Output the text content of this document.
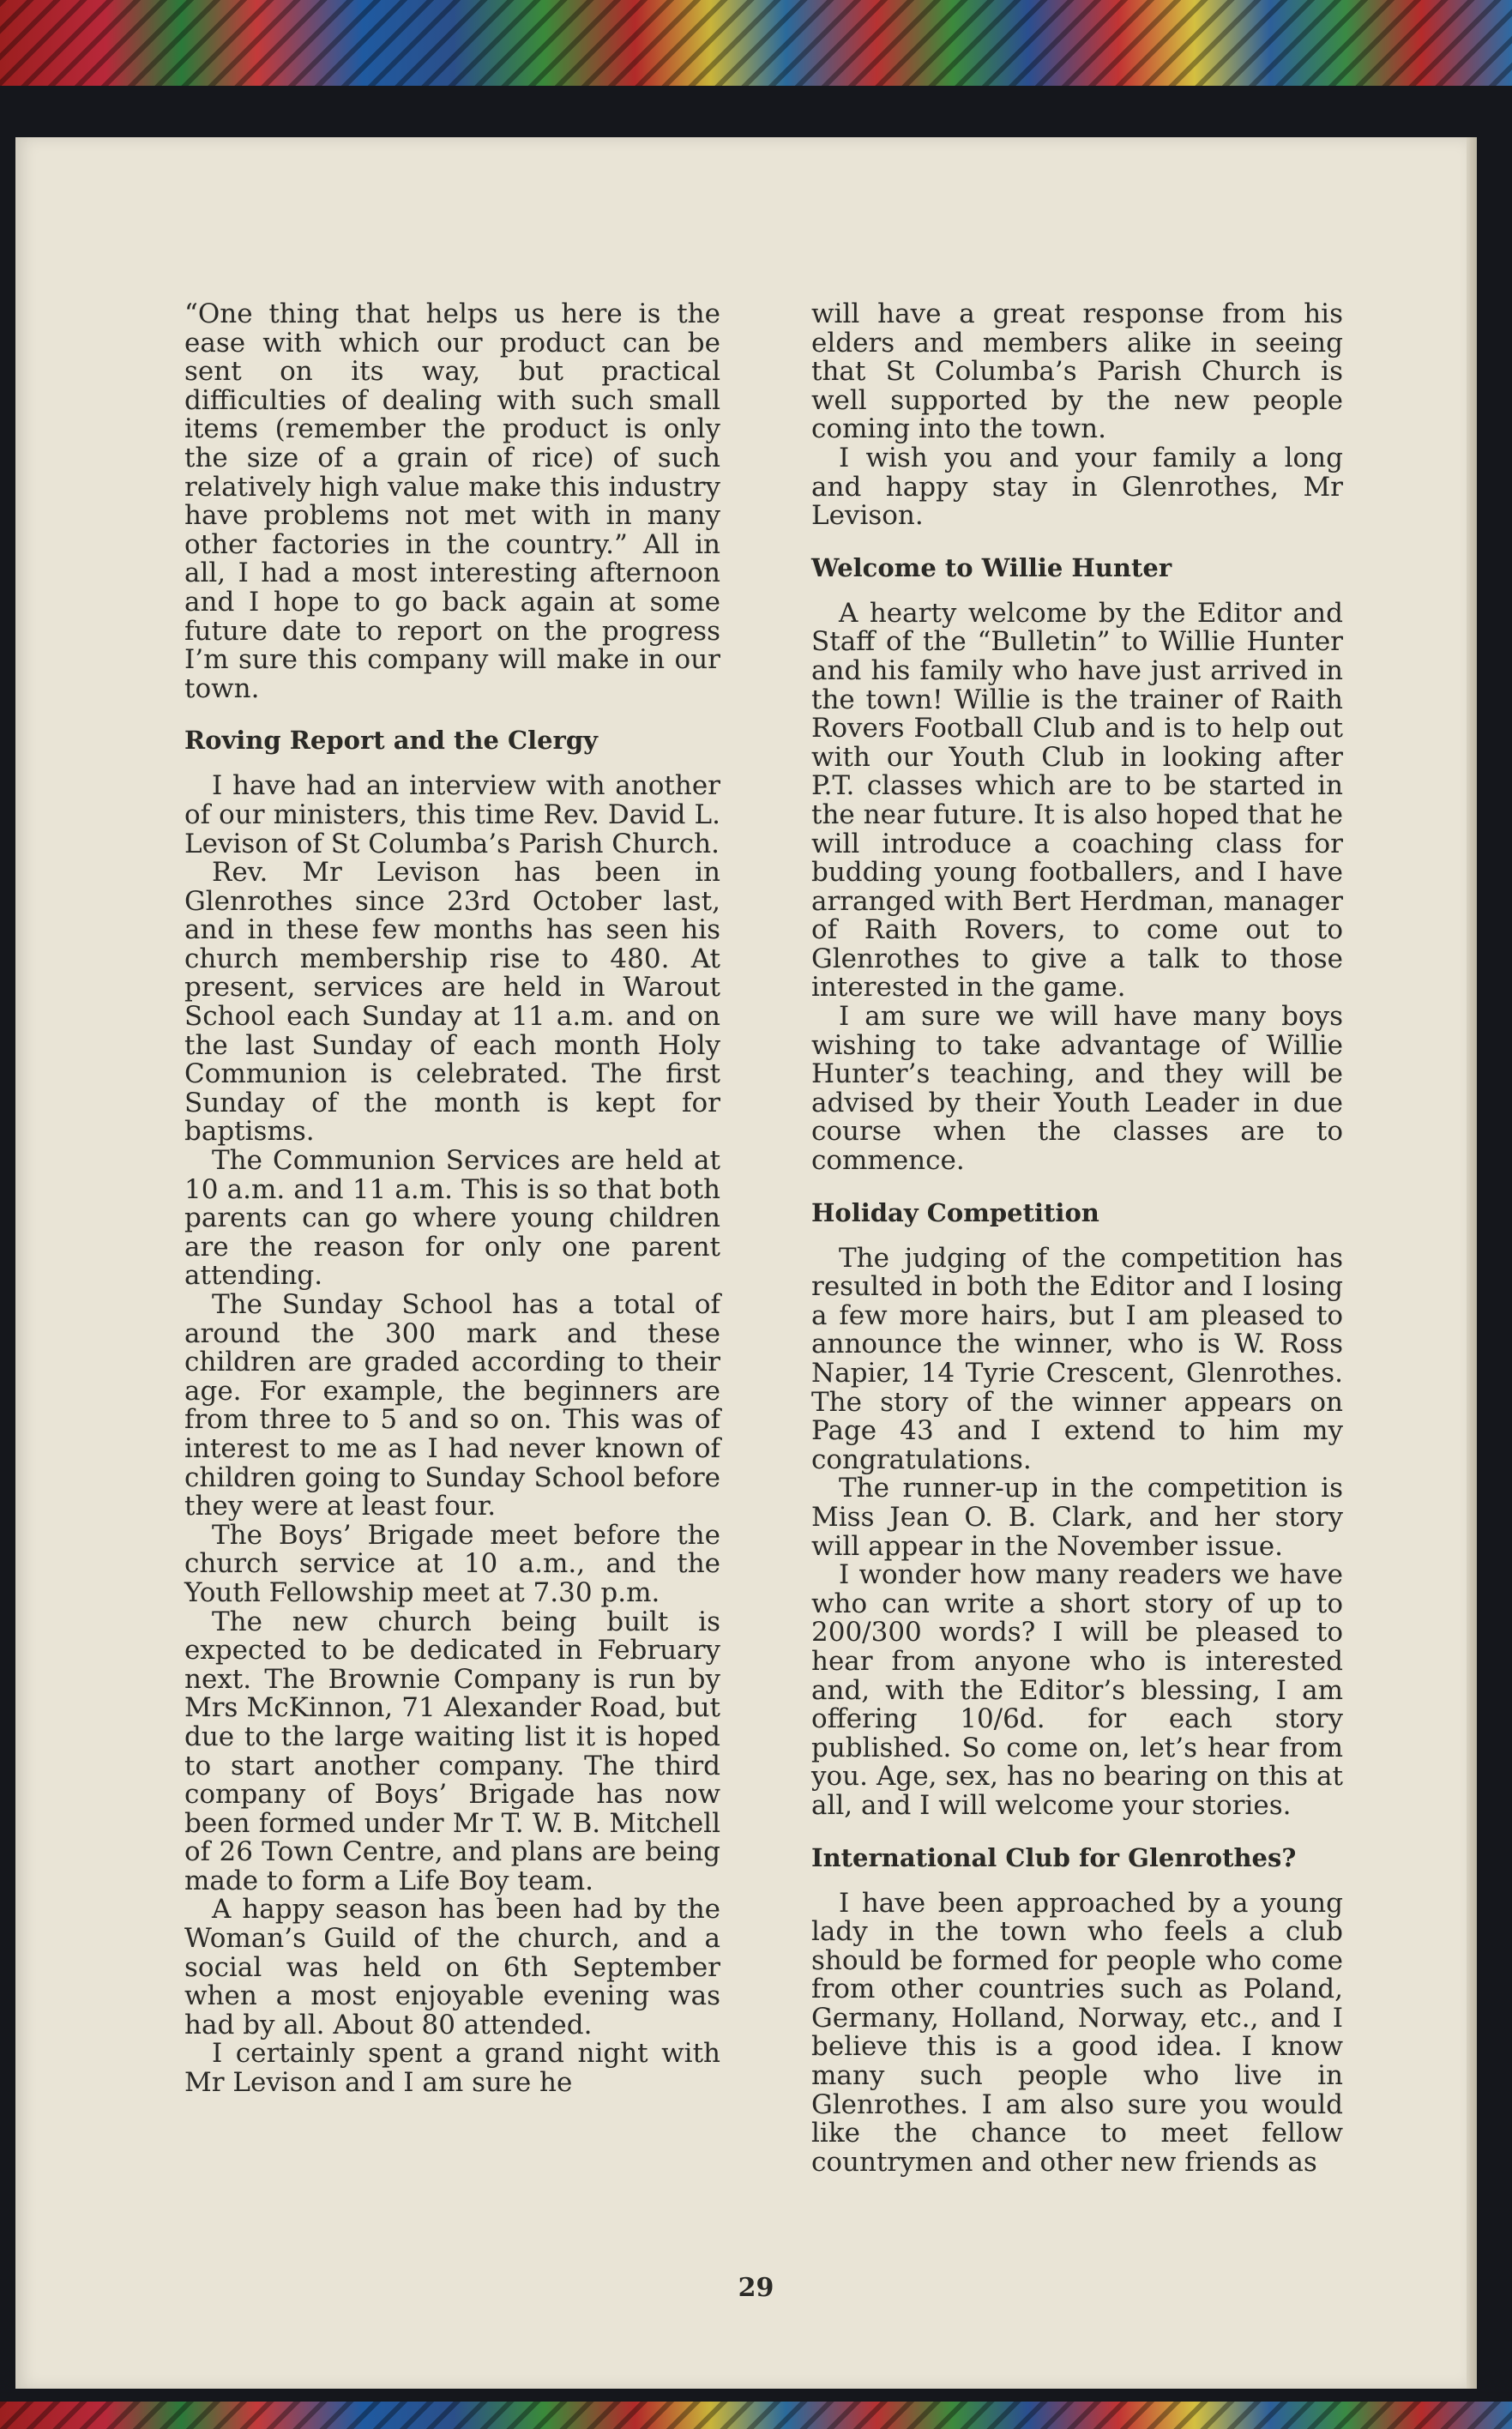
“One thing that helps us here is the ease with which our product can be sent on its way, but practical difficulties of dealing with such small items (remember the product is only the size of a grain of rice) of such relatively high value make this industry have problems not met with in many other factories in the country.” All in all, I had a most interesting afternoon and I hope to go back again at some future date to report on the progress I’m sure this company will make in our town.

Roving Report and the Clergy

I have had an interview with another of our ministers, this time Rev. David L. Levison of St Columba’s Parish Church.

Rev. Mr Levison has been in Glenrothes since 23rd October last, and in these few months has seen his church membership rise to 480. At present, services are held in Warout School each Sunday at 11 a.m. and on the last Sunday of each month Holy Communion is celebrated. The first Sunday of the month is kept for baptisms.

The Communion Services are held at 10 a.m. and 11 a.m. This is so that both parents can go where young children are the reason for only one parent attending.

The Sunday School has a total of around the 300 mark and these children are graded according to their age. For example, the beginners are from three to 5 and so on. This was of interest to me as I had never known of children going to Sunday School before they were at least four.

The Boys’ Brigade meet before the church service at 10 a.m., and the Youth Fellowship meet at 7.30 p.m.

The new church being built is expected to be dedicated in February next. The Brownie Company is run by Mrs McKinnon, 71 Alexander Road, but due to the large waiting list it is hoped to start another company. The third company of Boys’ Brigade has now been formed under Mr T. W. B. Mitchell of 26 Town Centre, and plans are being made to form a Life Boy team.

A happy season has been had by the Woman’s Guild of the church, and a social was held on 6th September when a most enjoyable evening was had by all. About 80 attended.

I certainly spent a grand night with Mr Levison and I am sure he

will have a great response from his elders and members alike in seeing that St Columba’s Parish Church is well supported by the new people coming into the town.

I wish you and your family a long and happy stay in Glenrothes, Mr Levison.

Welcome to Willie Hunter

A hearty welcome by the Editor and Staff of the “Bulletin” to Willie Hunter and his family who have just arrived in the town! Willie is the trainer of Raith Rovers Football Club and is to help out with our Youth Club in looking after P.T. classes which are to be started in the near future. It is also hoped that he will introduce a coaching class for budding young footballers, and I have arranged with Bert Herdman, manager of Raith Rovers, to come out to Glenrothes to give a talk to those interested in the game.

I am sure we will have many boys wishing to take advantage of Willie Hunter’s teaching, and they will be advised by their Youth Leader in due course when the classes are to commence.

Holiday Competition

The judging of the competition has resulted in both the Editor and I losing a few more hairs, but I am pleased to announce the winner, who is W. Ross Napier, 14 Tyrie Crescent, Glenrothes. The story of the winner appears on Page 43 and I extend to him my congratulations.

The runner-up in the competition is Miss Jean O. B. Clark, and her story will appear in the November issue.

I wonder how many readers we have who can write a short story of up to 200/300 words? I will be pleased to hear from anyone who is interested and, with the Editor’s blessing, I am offering 10/6d. for each story published. So come on, let’s hear from you. Age, sex, has no bearing on this at all, and I will welcome your stories.

International Club for Glenrothes?

I have been approached by a young lady in the town who feels a club should be formed for people who come from other countries such as Poland, Germany, Holland, Norway, etc., and I believe this is a good idea. I know many such people who live in Glenrothes. I am also sure you would like the chance to meet fellow countrymen and other new friends as

29
